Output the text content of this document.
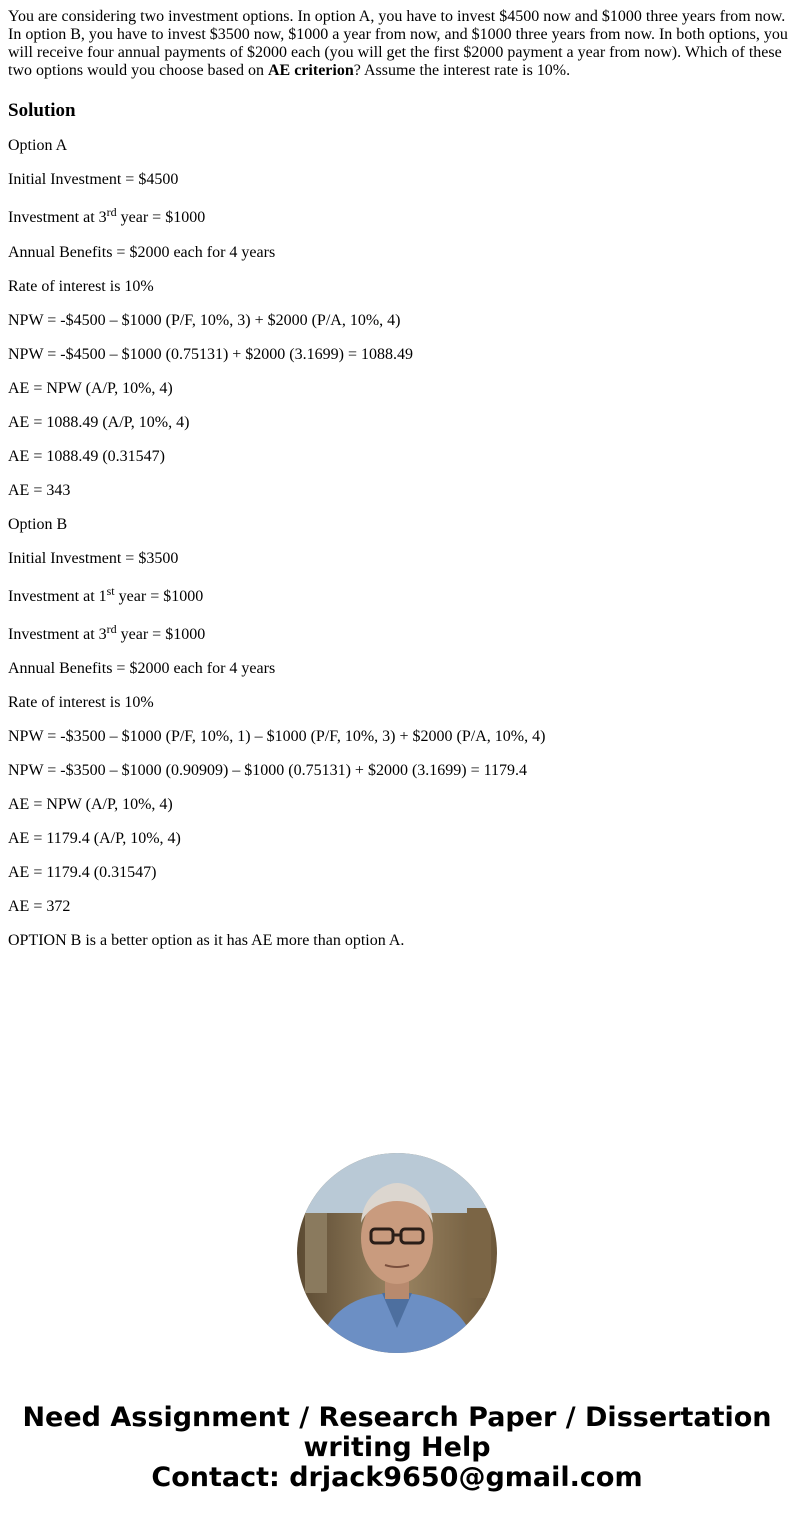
You are considering two investment options. In option A, you have to invest $4500 now and $1000 three years from now. In option B, you have to invest $3500 now, $1000 a year from now, and $1000 three years from now. In both options, you will receive four annual payments of $2000 each (you will get the first $2000 payment a year from now). Which of these two options would you choose based on AE criterion? Assume the interest rate is 10%.

Solution

Option A

Initial Investment = $4500

Investment at 3rd year = $1000

Annual Benefits = $2000 each for 4 years

Rate of interest is 10%

NPW = -$4500 – $1000 (P/F, 10%, 3) + $2000 (P/A, 10%, 4)

NPW = -$4500 – $1000 (0.75131) + $2000 (3.1699) = 1088.49

AE = NPW (A/P, 10%, 4)

AE = 1088.49 (A/P, 10%, 4)

AE = 1088.49 (0.31547)

AE = 343

Option B

Initial Investment = $3500

Investment at 1st year = $1000

Investment at 3rd year = $1000

Annual Benefits = $2000 each for 4 years

Rate of interest is 10%

NPW = -$3500 – $1000 (P/F, 10%, 1) – $1000 (P/F, 10%, 3) + $2000 (P/A, 10%, 4)

NPW = -$3500 – $1000 (0.90909) – $1000 (0.75131) + $2000 (3.1699) = 1179.4

AE = NPW (A/P, 10%, 4)

AE = 1179.4 (A/P, 10%, 4)

AE = 1179.4 (0.31547)

AE = 372

OPTION B is a better option as it has AE more than option A.

Need Assignment / Research Paper / Dissertation
writing Help
Contact: drjack9650@gmail.com
